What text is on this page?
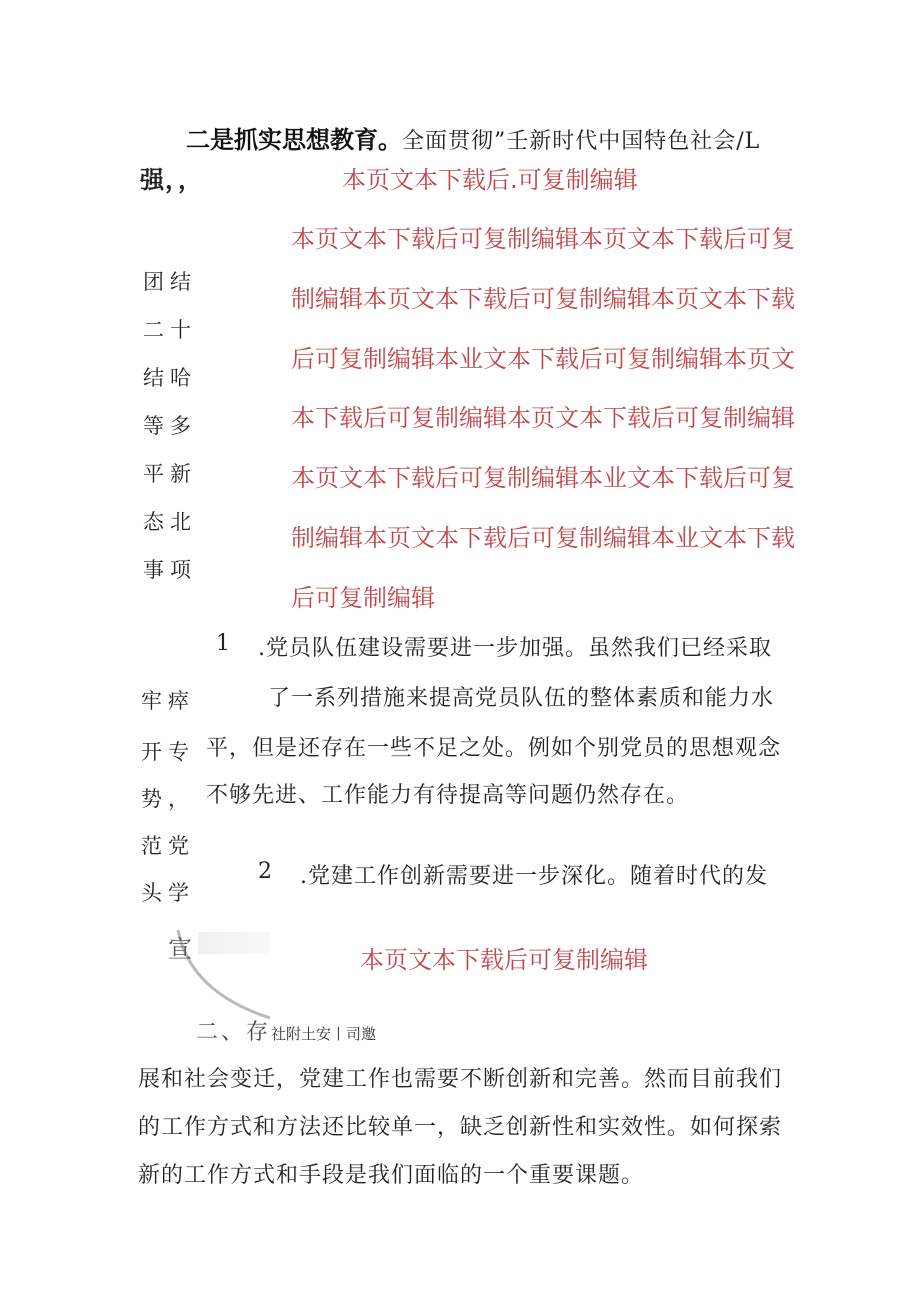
二是抓实思想教育。全面贯彻”壬新时代中国特色社会/L
强，，	本页文本下载后.可复制编辑
团结
二十
结哈
等多
平新
态北
事项
本页文本下载后可复制编辑本页文本下载后可复
制编辑本页文本下载后可复制编辑本页文本下载
后可复制编辑本业文本下载后可复制编辑本页文
本下载后可复制编辑本页文本下载后可复制编辑
本页文本下载后可复制编辑本业文本下载后可复
制编辑本页文本下载后可复制编辑本业文本下载
后可复制编辑
1 .党员队伍建设需要进一步加强。虽然我们已经采取
了一系列措施来提高党员队伍的整体素质和能力水
平，但是还存在一些不足之处。例如个别党员的思想观念
不够先进、工作能力有待提高等问题仍然存在。
牢瘁
开专
势，
范党
头学
2 .党建工作创新需要进一步深化。随着时代的发
宣	本页文本下载后可复制编辑
二、存社附土安丨司邀
展和社会变迁，党建工作也需要不断创新和完善。然而目前我们
的工作方式和方法还比较单一，缺乏创新性和实效性。如何探索
新的工作方式和手段是我们面临的一个重要课题。
